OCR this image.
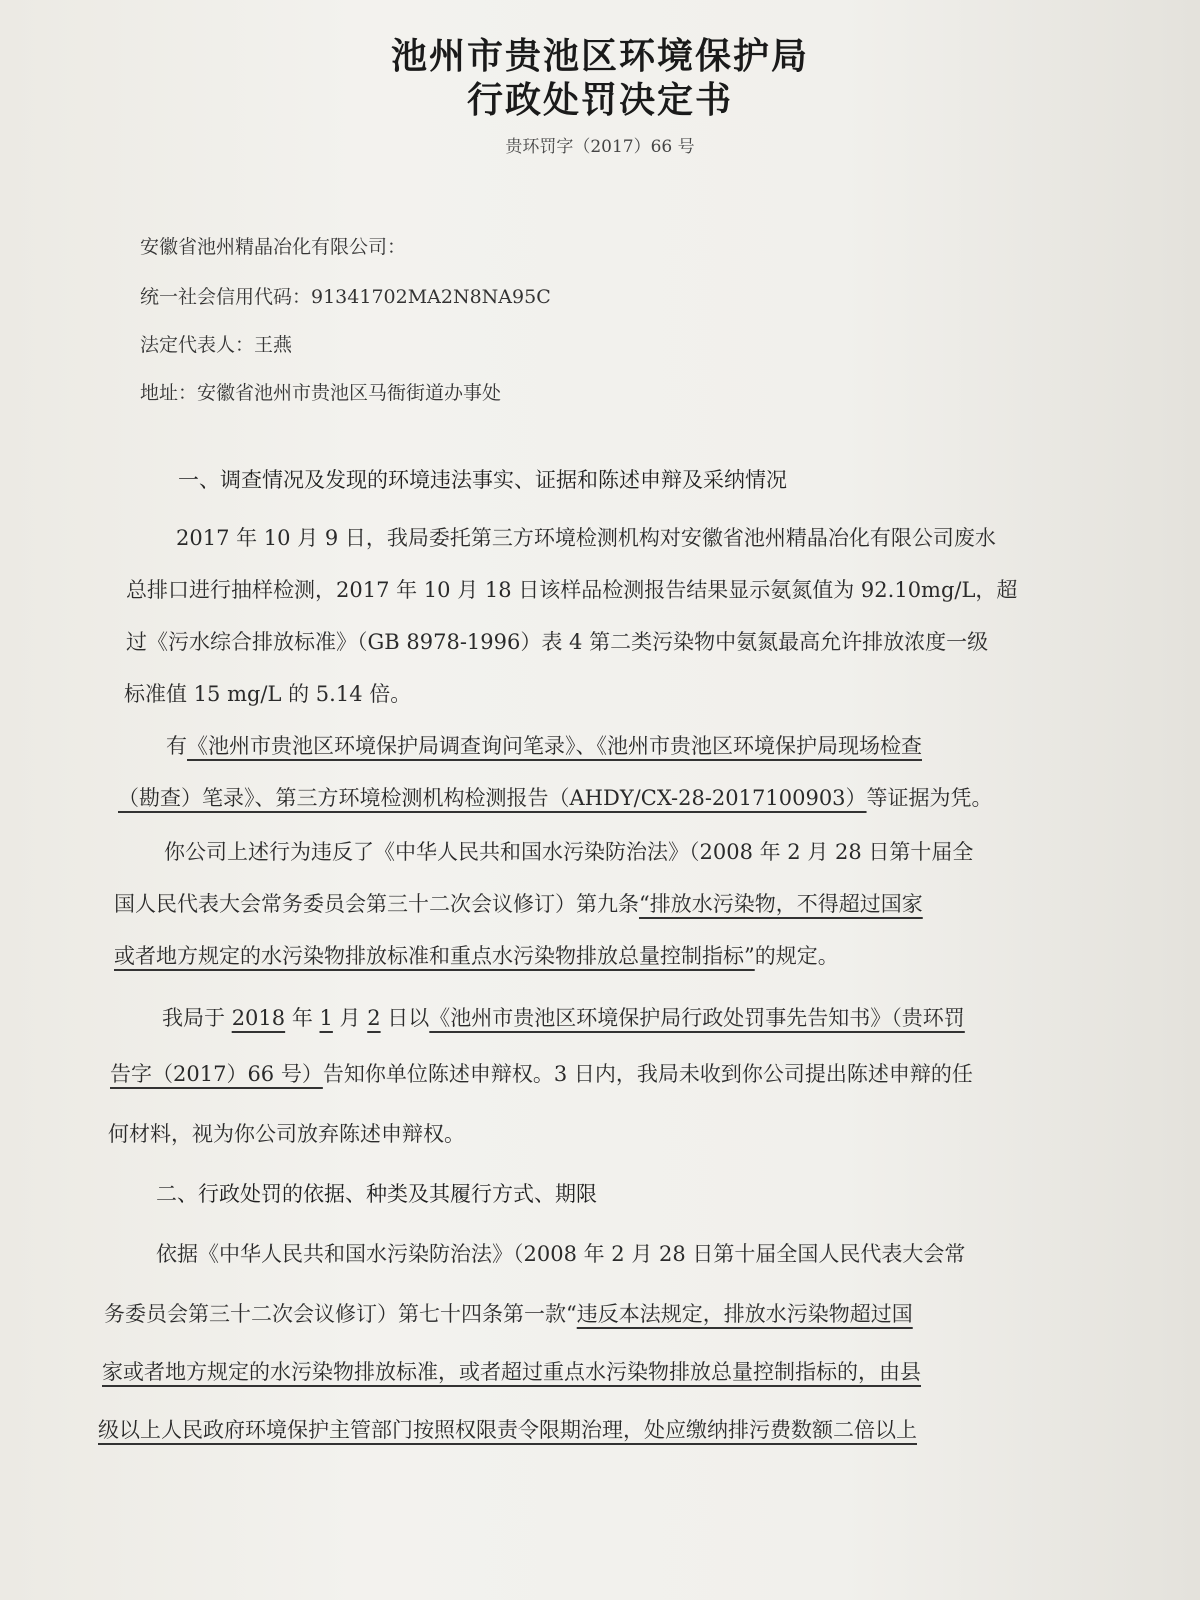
池州市贵池区环境保护局
行政处罚决定书
贵环罚字（2017）66 号
安徽省池州精晶冶化有限公司：
统一社会信用代码：91341702MA2N8NA95C
法定代表人：王燕
地址：安徽省池州市贵池区马衙街道办事处
一、调查情况及发现的环境违法事实、证据和陈述申辩及采纳情况
2017 年 10 月 9 日，我局委托第三方环境检测机构对安徽省池州精晶冶化有限公司废水
总排口进行抽样检测，2017 年 10 月 18 日该样品检测报告结果显示氨氮值为 92.10mg/L，超
过《污水综合排放标准》（GB 8978-1996）表 4 第二类污染物中氨氮最高允许排放浓度一级
标准值 15 mg/L 的 5.14 倍。
有《池州市贵池区环境保护局调查询问笔录》、《池州市贵池区环境保护局现场检查
（勘查）笔录》、第三方环境检测机构检测报告（AHDY/CX-28-2017100903）等证据为凭。
你公司上述行为违反了《中华人民共和国水污染防治法》（2008 年 2 月 28 日第十届全
国人民代表大会常务委员会第三十二次会议修订）第九条“排放水污染物，不得超过国家
或者地方规定的水污染物排放标准和重点水污染物排放总量控制指标”的规定。
我局于 2018 年 1 月 2 日以《池州市贵池区环境保护局行政处罚事先告知书》（贵环罚
告字（2017）66 号）告知你单位陈述申辩权。3 日内，我局未收到你公司提出陈述申辩的任
何材料，视为你公司放弃陈述申辩权。
二、行政处罚的依据、种类及其履行方式、期限
依据《中华人民共和国水污染防治法》（2008 年 2 月 28 日第十届全国人民代表大会常
务委员会第三十二次会议修订）第七十四条第一款“违反本法规定，排放水污染物超过国
家或者地方规定的水污染物排放标准，或者超过重点水污染物排放总量控制指标的，由县
级以上人民政府环境保护主管部门按照权限责令限期治理，处应缴纳排污费数额二倍以上
